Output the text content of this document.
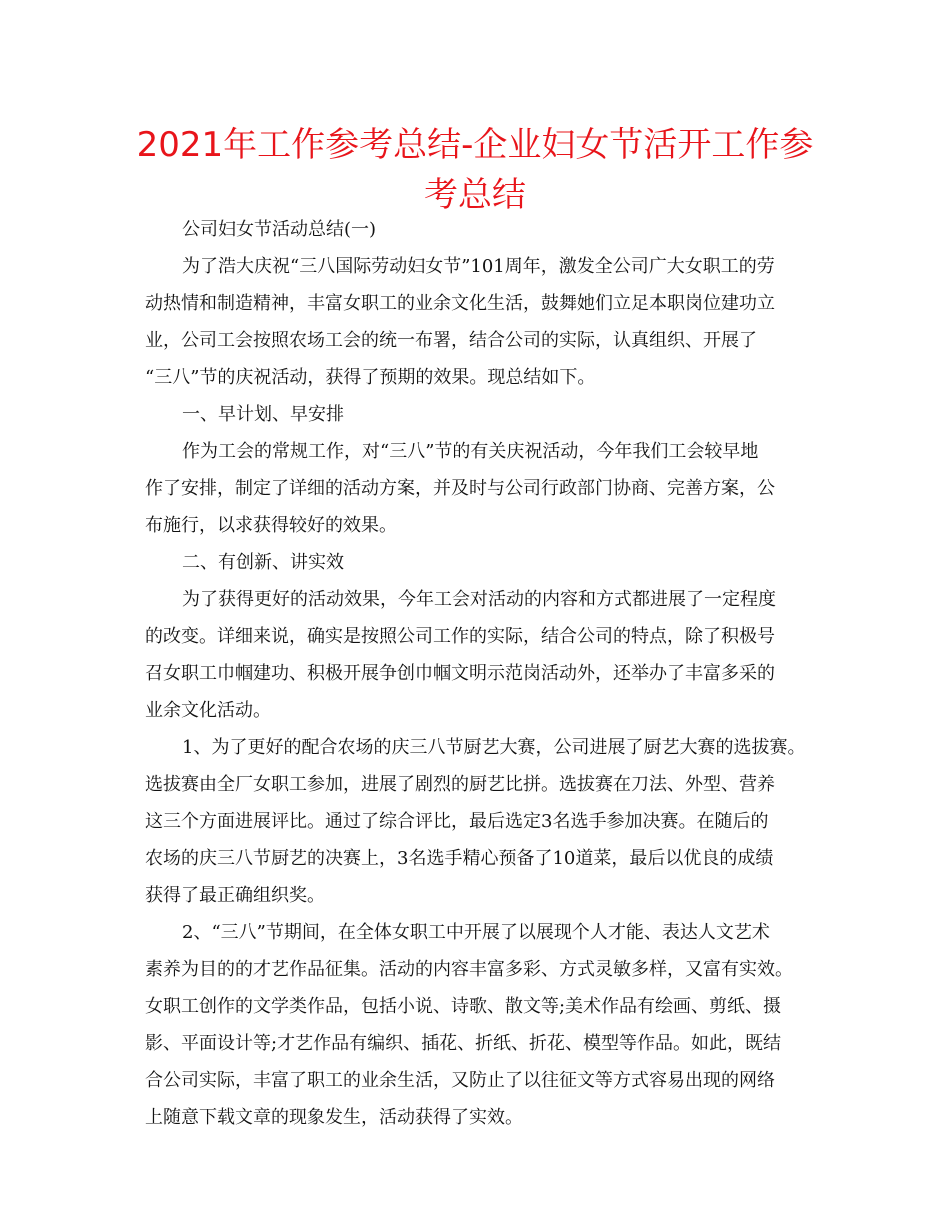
2021年工作参考总结-企业妇女节活开工作参考总结

公司妇女节活动总结(一)

为了浩大庆祝“三八国际劳动妇女节”101周年，激发全公司广大女职工的劳

动热情和制造精神，丰富女职工的业余文化生活，鼓舞她们立足本职岗位建功立

业，公司工会按照农场工会的统一布署，结合公司的实际，认真组织、开展了

“三八”节的庆祝活动，获得了预期的效果。现总结如下。

一、早计划、早安排

作为工会的常规工作，对“三八”节的有关庆祝活动，今年我们工会较早地

作了安排，制定了详细的活动方案，并及时与公司行政部门协商、完善方案，公

布施行，以求获得较好的效果。

二、有创新、讲实效

为了获得更好的活动效果，今年工会对活动的内容和方式都进展了一定程度

的改变。详细来说，确实是按照公司工作的实际，结合公司的特点，除了积极号

召女职工巾帼建功、积极开展争创巾帼文明示范岗活动外，还举办了丰富多采的

业余文化活动。

1、为了更好的配合农场的庆三八节厨艺大赛，公司进展了厨艺大赛的选拔赛。

选拔赛由全厂女职工参加，进展了剧烈的厨艺比拼。选拔赛在刀法、外型、营养

这三个方面进展评比。通过了综合评比，最后选定3名选手参加决赛。在随后的

农场的庆三八节厨艺的决赛上，3名选手精心预备了10道菜，最后以优良的成绩

获得了最正确组织奖。

2、“三八”节期间，在全体女职工中开展了以展现个人才能、表达人文艺术

素养为目的的才艺作品征集。活动的内容丰富多彩、方式灵敏多样，又富有实效。

女职工创作的文学类作品，包括小说、诗歌、散文等;美术作品有绘画、剪纸、摄

影、平面设计等;才艺作品有编织、插花、折纸、折花、模型等作品。如此，既结

合公司实际，丰富了职工的业余生活，又防止了以往征文等方式容易出现的网络

上随意下载文章的现象发生，活动获得了实效。
